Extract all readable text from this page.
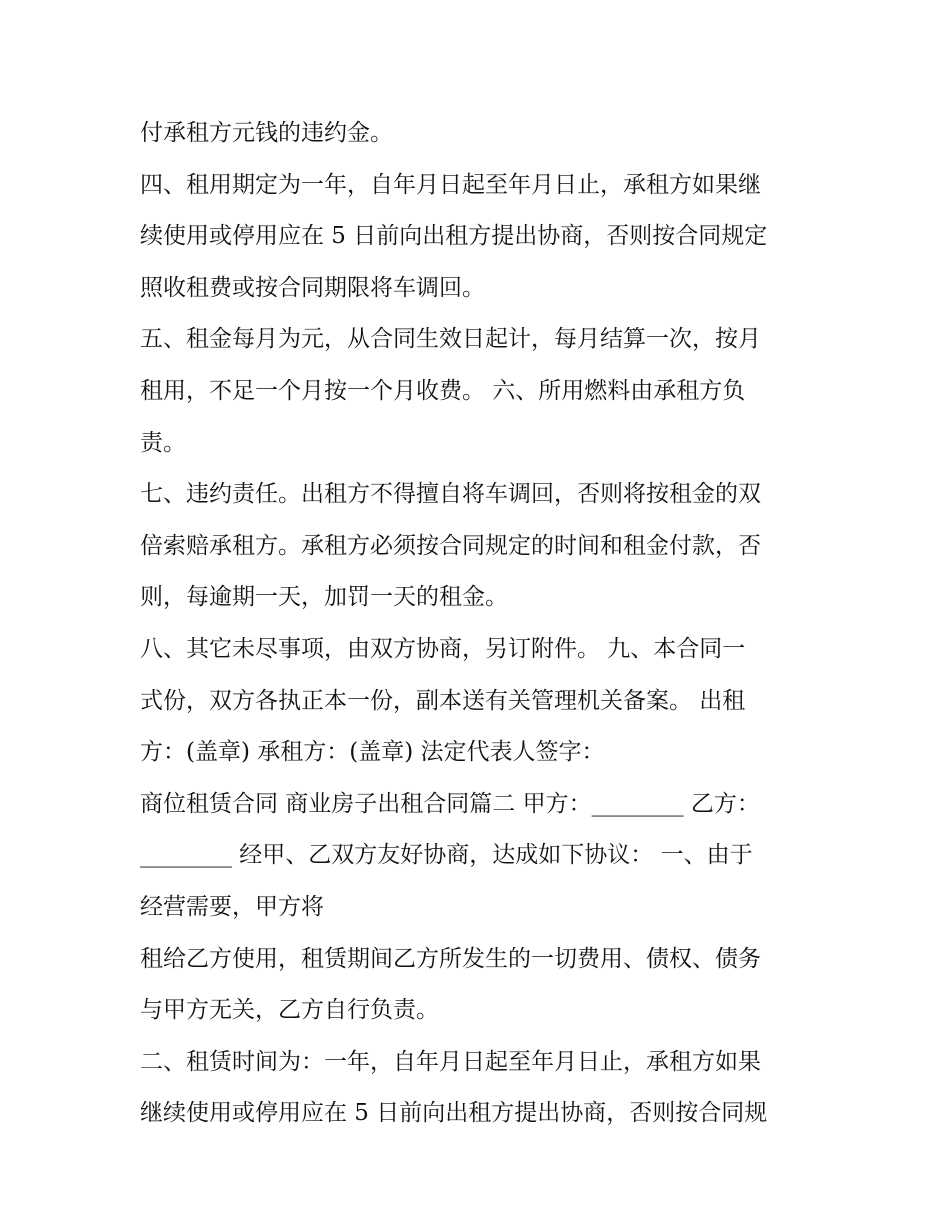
付承租方元钱的违约金。
四、租用期定为一年，自年月日起至年月日止，承租方如果继
续使用或停用应在 5 日前向出租方提出协商，否则按合同规定
照收租费或按合同期限将车调回。
五、租金每月为元，从合同生效日起计，每月结算一次，按月
租用，不足一个月按一个月收费。 六、所用燃料由承租方负
责。
七、违约责任。出租方不得擅自将车调回，否则将按租金的双
倍索赔承租方。承租方必须按合同规定的时间和租金付款，否
则，每逾期一天，加罚一天的租金。
八、其它未尽事项，由双方协商，另订附件。 九、本合同一
式份，双方各执正本一份，副本送有关管理机关备案。 出租
方：(盖章) 承租方：(盖章) 法定代表人签字：
商位租赁合同 商业房子出租合同篇二 甲方：________ 乙方：
________ 经甲、乙双方友好协商，达成如下协议： 一、由于
经营需要，甲方将
租给乙方使用，租赁期间乙方所发生的一切费用、债权、债务
与甲方无关，乙方自行负责。
二、租赁时间为：一年，自年月日起至年月日止，承租方如果
继续使用或停用应在 5 日前向出租方提出协商，否则按合同规
